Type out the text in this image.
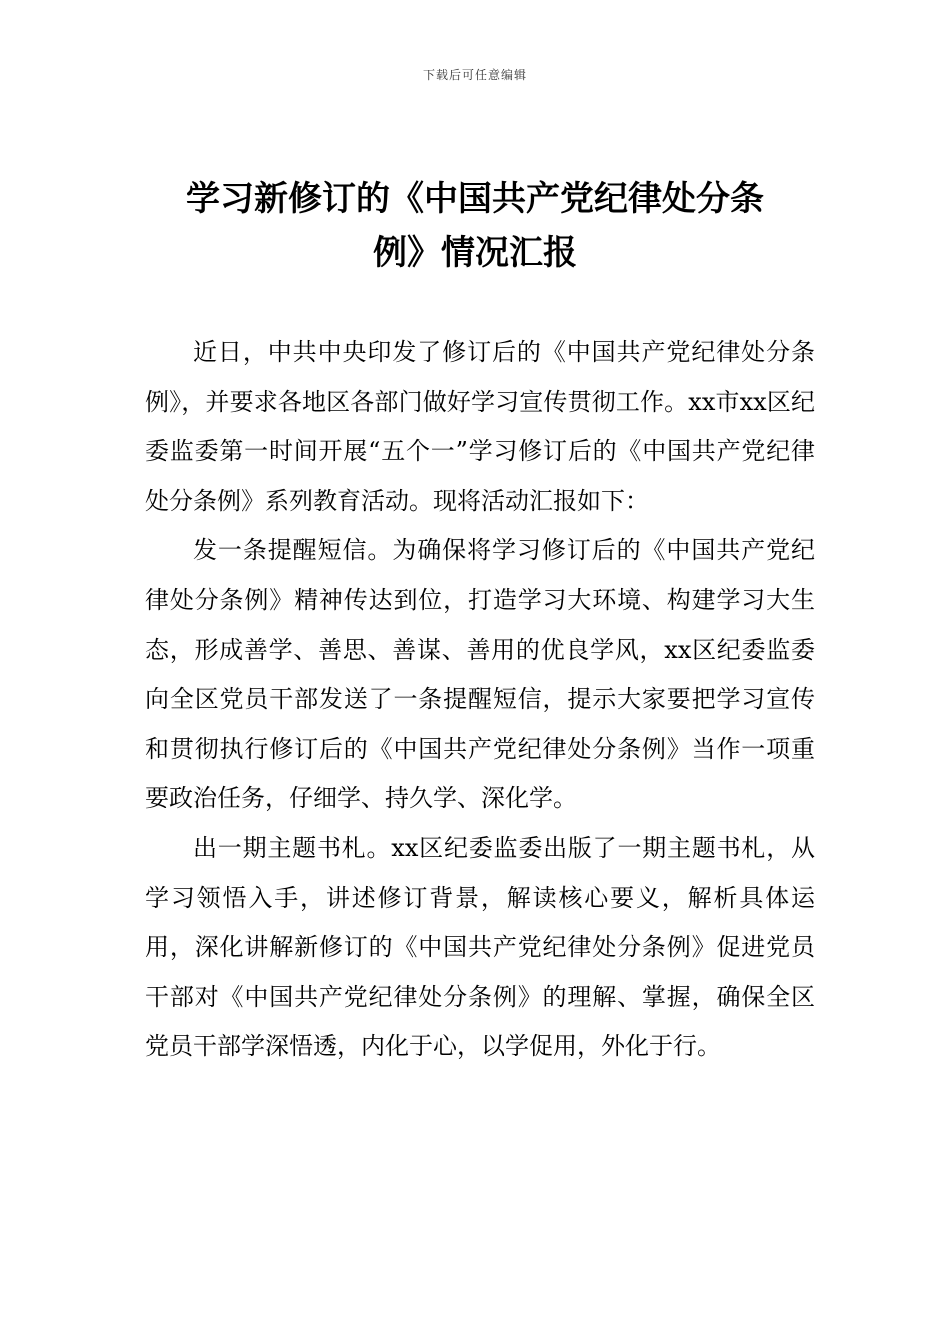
下载后可任意编辑
学习新修订的《中国共产党纪律处分条
例》情况汇报

近日，中共中央印发了修订后的《中国共产党纪律处分条例》，并要求各地区各部门做好学习宣传贯彻工作。xx市xx区纪委监委第一时间开展“五个一”学习修订后的《中国共产党纪律处分条例》系列教育活动。现将活动汇报如下：

发一条提醒短信。为确保将学习修订后的《中国共产党纪律处分条例》精神传达到位，打造学习大环境、构建学习大生态，形成善学、善思、善谋、善用的优良学风，xx区纪委监委向全区党员干部发送了一条提醒短信，提示大家要把学习宣传和贯彻执行修订后的《中国共产党纪律处分条例》当作一项重要政治任务，仔细学、持久学、深化学。

出一期主题书札。xx区纪委监委出版了一期主题书札，从学习领悟入手，讲述修订背景，解读核心要义，解析具体运用，深化讲解新修订的《中国共产党纪律处分条例》促进党员干部对《中国共产党纪律处分条例》的理解、掌握，确保全区党员干部学深悟透，内化于心，以学促用，外化于行。
